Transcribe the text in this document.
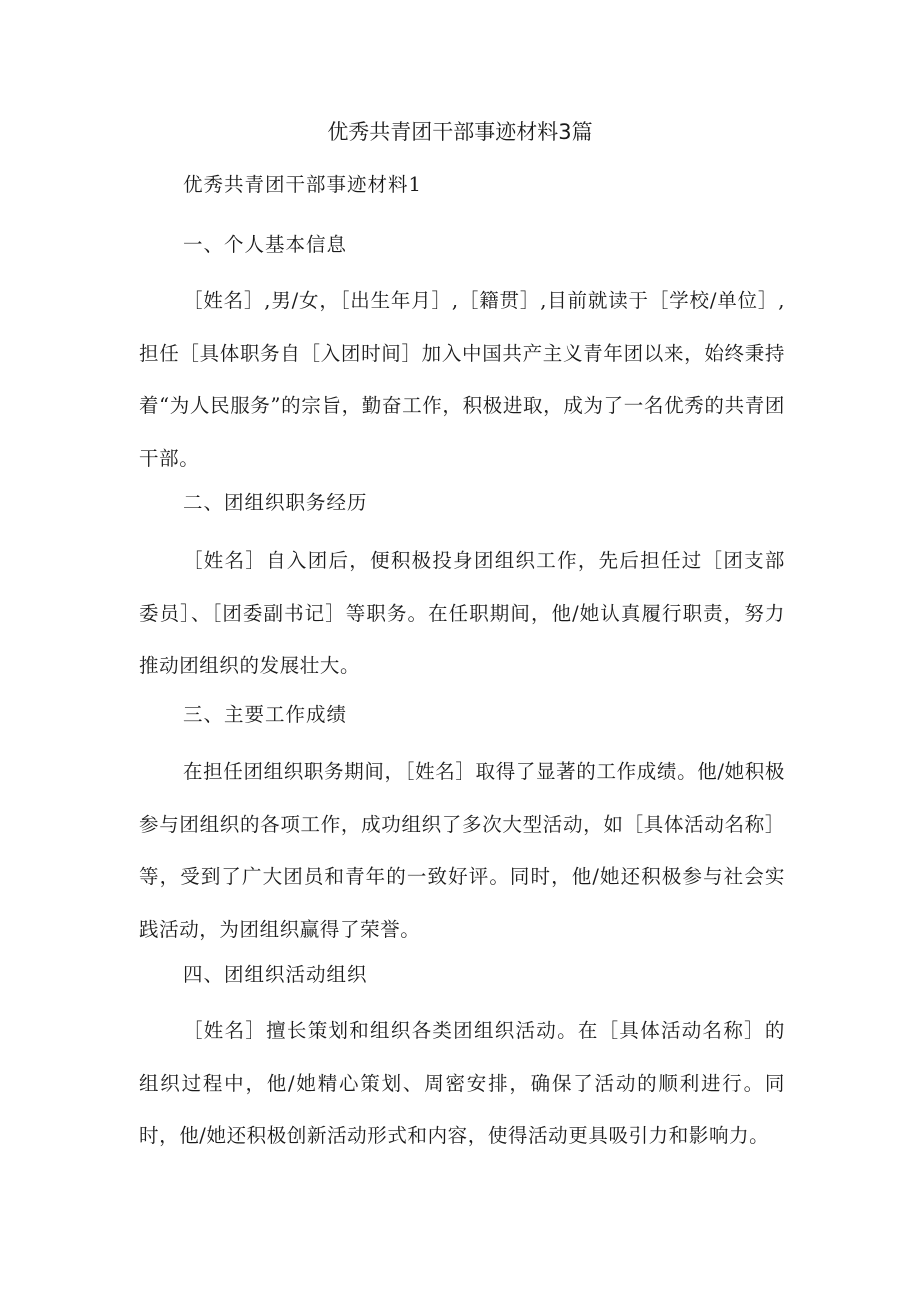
优秀共青团干部事迹材料3篇
优秀共青团干部事迹材料1
一、个人基本信息

［姓名］,男/女，［出生年月］,［籍贯］,目前就读于［学校/单位］,担任［具体职务自［入团时间］加入中国共产主义青年团以来，始终秉持着“为人民服务”的宗旨，勤奋工作，积极进取，成为了一名优秀的共青团干部。

二、团组织职务经历

［姓名］自入团后，便积极投身团组织工作，先后担任过［团支部委员］、［团委副书记］等职务。在任职期间，他/她认真履行职责，努力推动团组织的发展壮大。

三、主要工作成绩

在担任团组织职务期间，［姓名］取得了显著的工作成绩。他/她积极参与团组织的各项工作，成功组织了多次大型活动，如［具体活动名称］等，受到了广大团员和青年的一致好评。同时，他/她还积极参与社会实践活动，为团组织赢得了荣誉。

四、团组织活动组织

［姓名］擅长策划和组织各类团组织活动。在［具体活动名称］的组织过程中，他/她精心策划、周密安排，确保了活动的顺利进行。同时，他/她还积极创新活动形式和内容，使得活动更具吸引力和影响力。
